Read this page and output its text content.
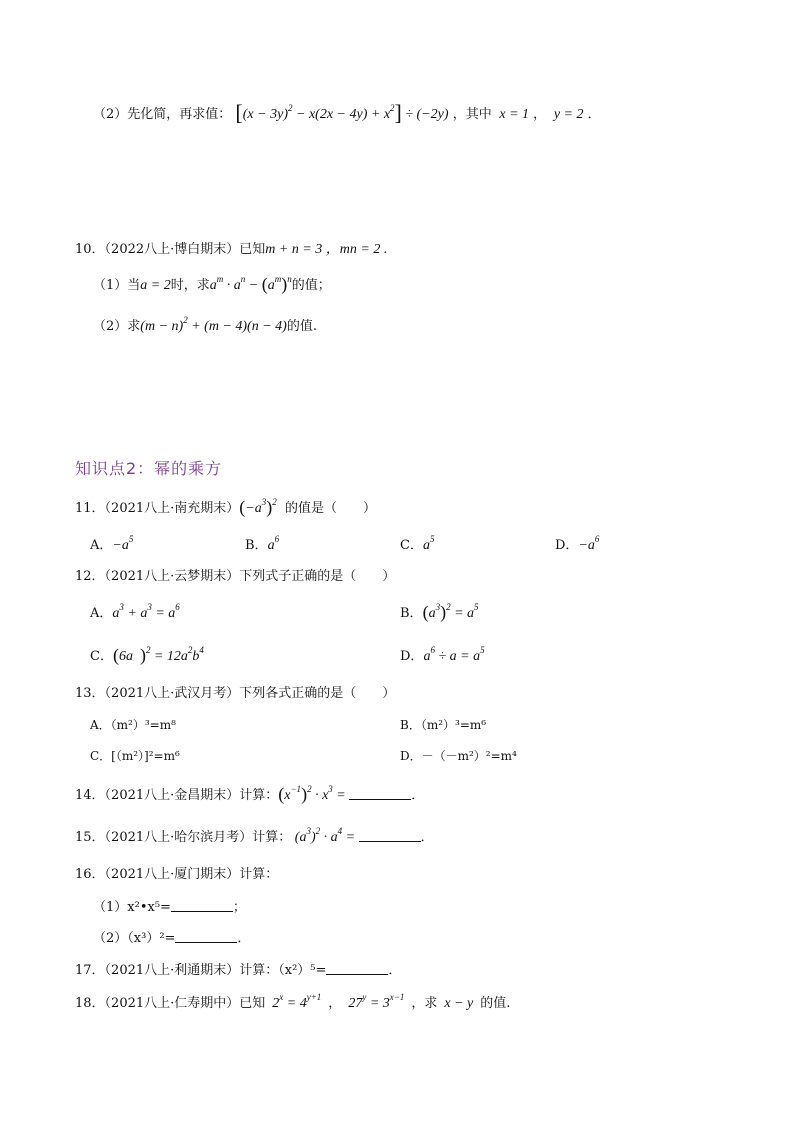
（2）先化简，再求值： $[(x - 3y)^2 - x(2x - 4y) + x^2] \div (-2y)$ ，其中 x = 1 ， y = 2 ．
10．（2022八上·博白期末）已知m + n = 3 ，mn = 2 .
（1）当a = 2时，求$a^m \cdot a^n - (a^m)^n$的值；
（2）求$(m - n)^2 + (m - 4)(n - 4)$的值.
知识点2：幂的乘方
11．（2021八上·南充期末）$(-a^3)^2$ 的值是（　　）
A．$-a^5$	B．$a^6$	C．$a^5$	D．$-a^6$
12．（2021八上·云梦期末）下列式子正确的是（　　）
A．$a^3 + a^3 = a^6$	B．$(a^3)^2 = a^5$
C．(6a )$^2 = 12a^2b^4$	D．$a^6 \div a = a^5$
13．（2021八上·武汉月考）下列各式正确的是（　　）
A．（m²）³=m⁸	B．（m²）³=m⁶
C．[（m²）]²=m⁶	D．－（－m²）²=m⁴
14．（2021八上·金昌期末）计算：$(x^{-1})^2 \cdot x^3$ =	．
15．（2021八上·哈尔滨月考）计算： $(a^3)^2 \cdot a^4$ =	．
16．（2021八上·厦门期末）计算：
（1）x²•x⁵=	；
（2）（x³）²=	．
17．（2021八上·利通期末）计算：（x²）⁵=	．
18．（2021八上·仁寿期中）已知  $2^x = 4^{y+1}$ ，  $27^y = 3^{x-1}$ ，求 x − y 的值.
